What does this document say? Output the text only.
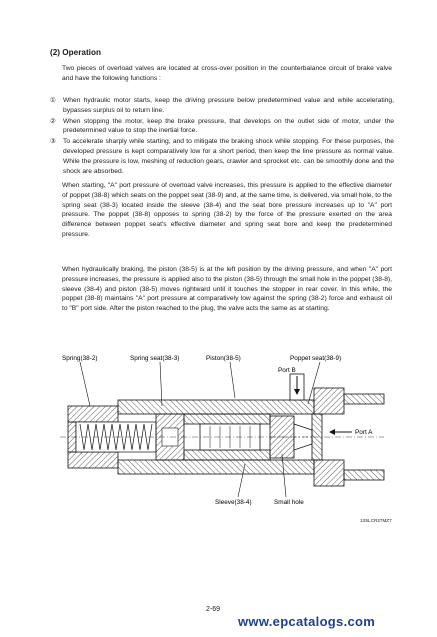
(2) Operation
Two pieces of overload valves are located at cross-over position in the counterbalance circuit of brake valve and have the following functions :
①	When hydraulic motor starts, keep the driving pressure below predetermined value and while accelerating, bypasses surplus oil to return line.
②	When stopping the motor, keep the brake pressure, that develops on the outlet side of motor, under the predetermined value to stop the inertial force.
③	To accelerate sharply while starting, and to mitigate the braking shock while stopping. For these purposes, the developed pressure is kept comparatively low for a short period, then keep the line pressure as normal value. While the pressure is low, meshing of reduction gears, crawler and sprocket etc. can be smoothly done and the shock are absorbed.
When starting, "A" port pressure of overload valve increases, this pressure is applied to the effective diameter of poppet (38-8) which seats on the poppet seat (38-9) and, at the same time, is delivered, via small hole, to the spring seat (38-3) located inside the sleeve (38-4) and the seat bore pressure increases up to "A" port pressure. The poppet (38-8) opposes to spring (38-2) by the force of the pressure exerted on the area difference between poppet seat's effective diameter and spring seat bore and keep the predetermined pressure.
When hydraulically braking, the piston (38-5) is at the left position by the driving pressure, and when "A" port pressure increases, the pressure is applied also to the piston (38-5) through the small hole in the poppet (38-8), sleeve (38-4) and piston (38-5) moves rightward until it touches the stopper in rear cover. In this while, the poppet (38-8) maintains "A" port pressure at comparatively low against the spring (38-2) force and exhaust oil to "B" port side. After the piston reached to the plug, the valve acts the same as at starting.
Spring(38-2)	Spring seat(38-3)	Piston(38-5)	Poppet seat(38-9)
Port B
Port A
Sleeve(38-4)	Small hole
13SLCR27MZ7
2-69
www.epcatalogs.com
